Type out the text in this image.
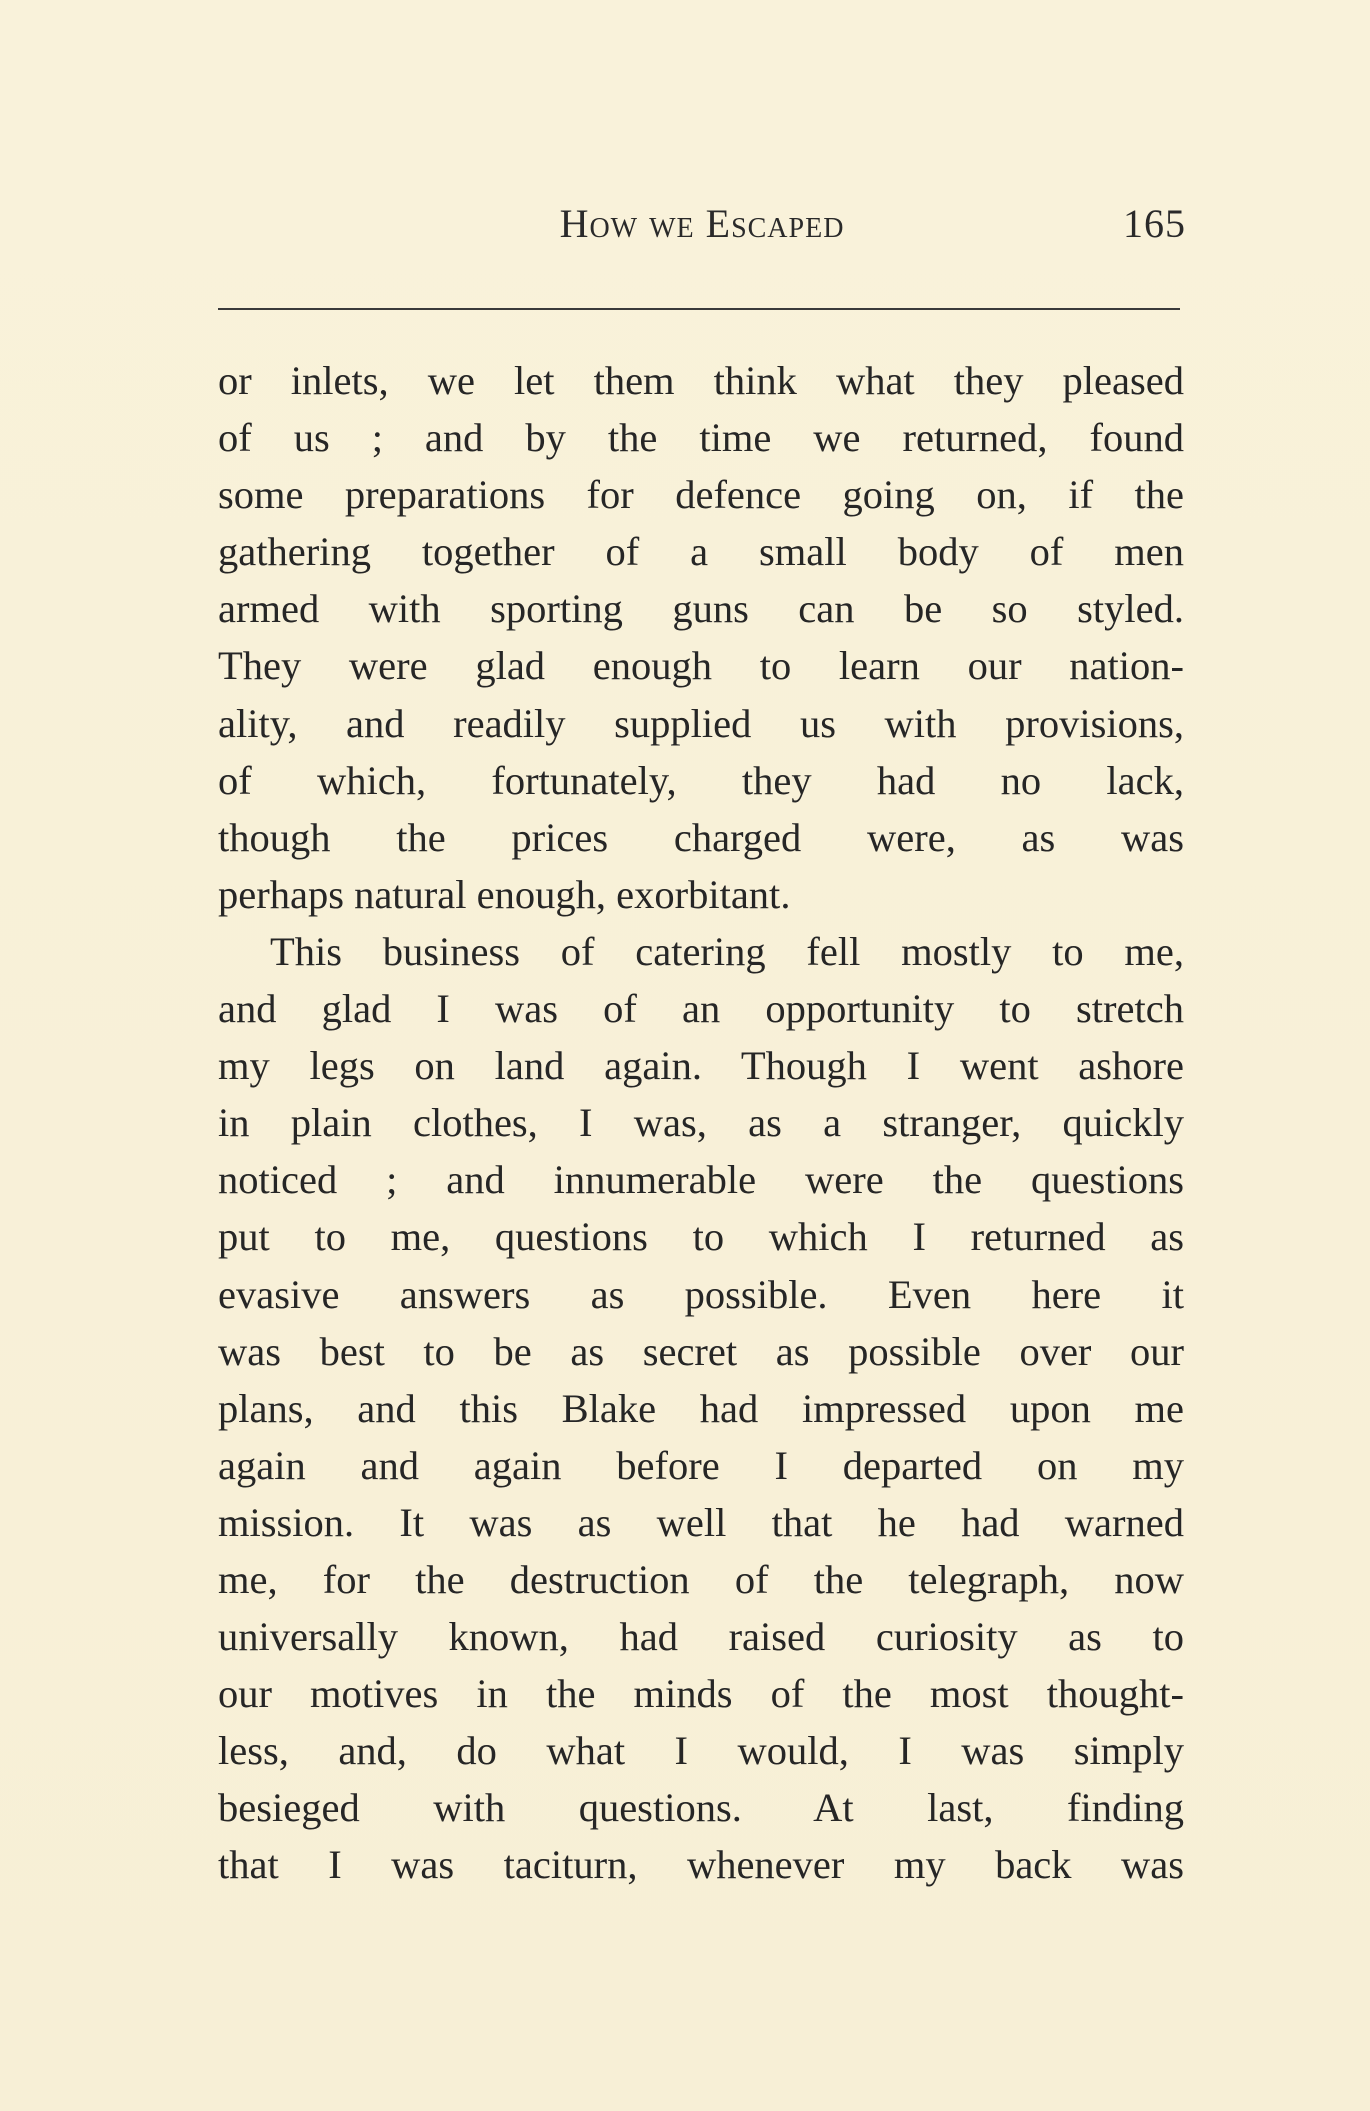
How we Escaped	165
or inlets, we let them think what they pleased
of us ; and by the time we returned, found
some preparations for defence going on, if the
gathering together of a small body of men
armed with sporting guns can be so styled.
They were glad enough to learn our nation-
ality, and readily supplied us with provisions,
of which, fortunately, they had no lack,
though the prices charged were, as was
perhaps natural enough, exorbitant.
This business of catering fell mostly to me,
and glad I was of an opportunity to stretch
my legs on land again. Though I went ashore
in plain clothes, I was, as a stranger, quickly
noticed ; and innumerable were the questions
put to me, questions to which I returned as
evasive answers as possible. Even here it
was best to be as secret as possible over our
plans, and this Blake had impressed upon me
again and again before I departed on my
mission. It was as well that he had warned
me, for the destruction of the telegraph, now
universally known, had raised curiosity as to
our motives in the minds of the most thought-
less, and, do what I would, I was simply
besieged with questions. At last, finding
that I was taciturn, whenever my back was
